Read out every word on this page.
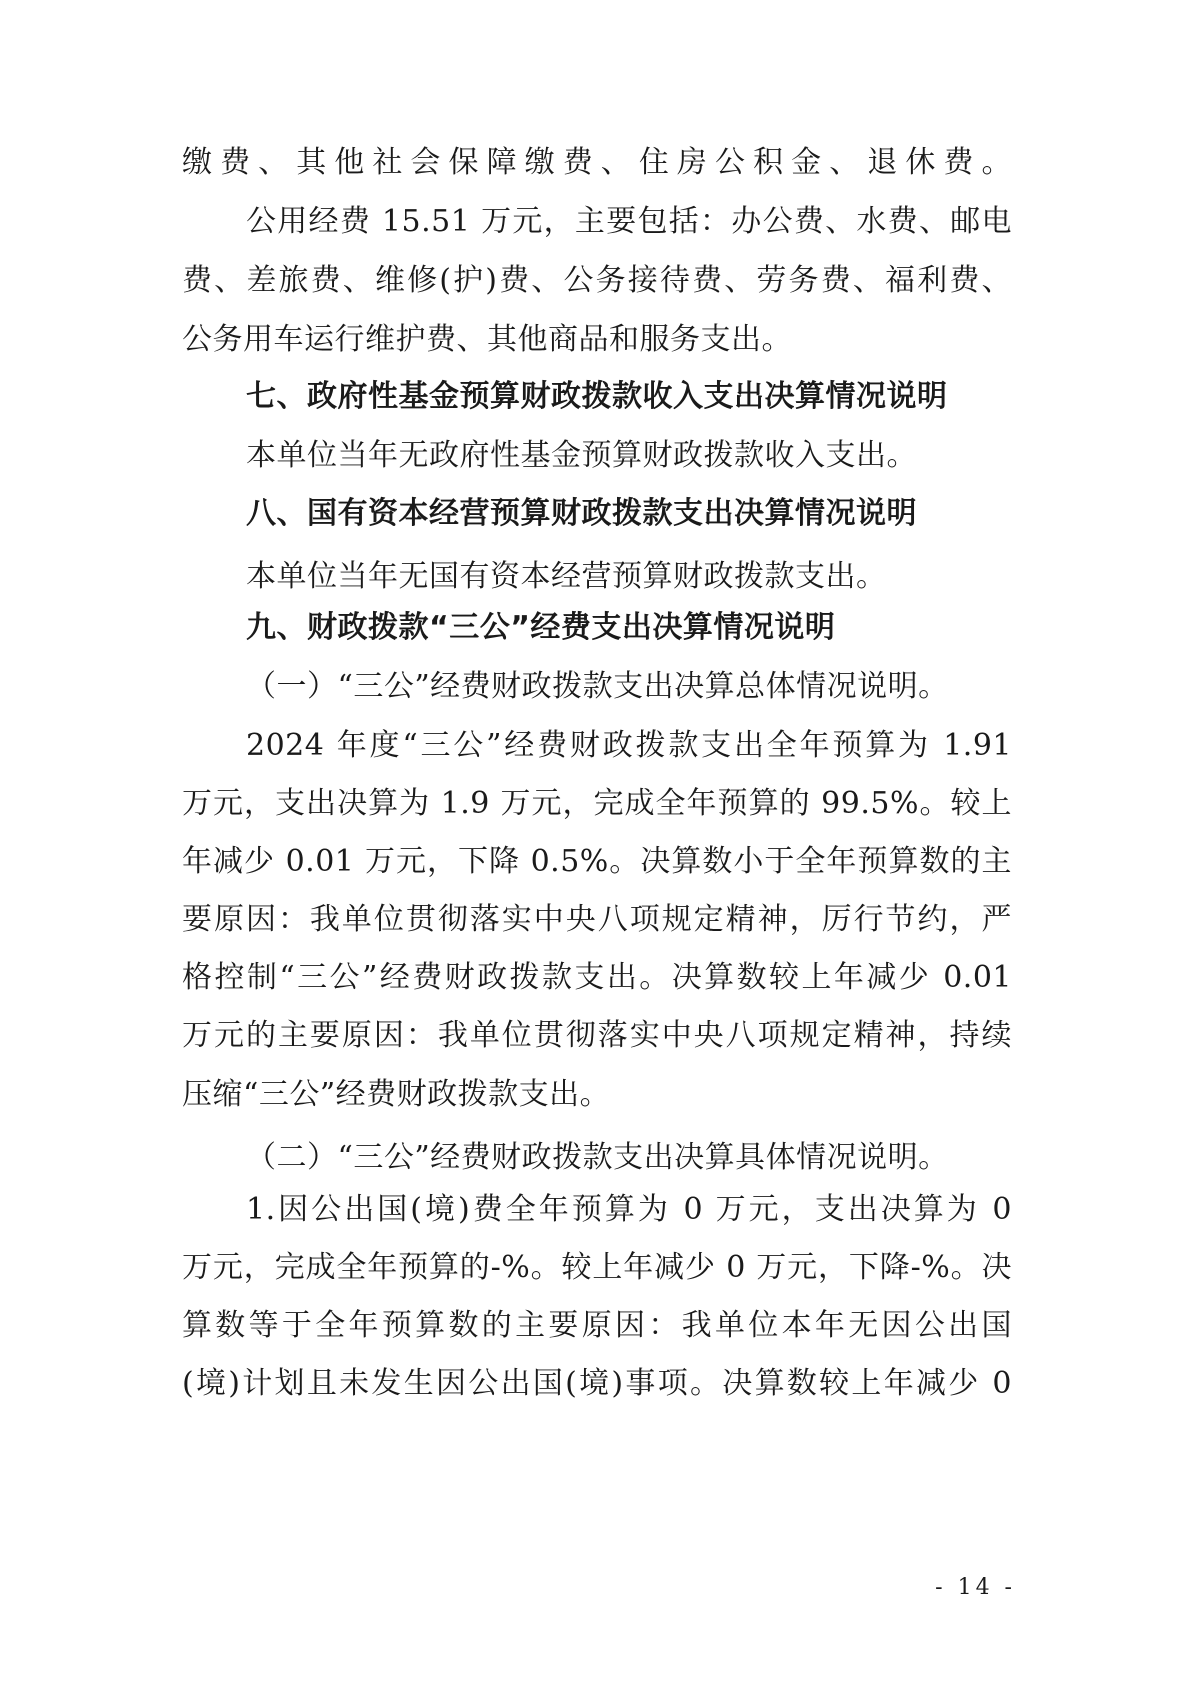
缴费、其他社会保障缴费、住房公积金、退休费。
公用经费 15.51 万元，主要包括：办公费、水费、邮电
费、差旅费、维修(护)费、公务接待费、劳务费、福利费、
公务用车运行维护费、其他商品和服务支出。
七、政府性基金预算财政拨款收入支出决算情况说明
本单位当年无政府性基金预算财政拨款收入支出。
八、国有资本经营预算财政拨款支出决算情况说明
本单位当年无国有资本经营预算财政拨款支出。
九、财政拨款“三公”经费支出决算情况说明
（一）“三公”经费财政拨款支出决算总体情况说明。
2024 年度“三公”经费财政拨款支出全年预算为 1.91
万元，支出决算为 1.9 万元，完成全年预算的 99.5%。较上
年减少 0.01 万元，下降 0.5%。决算数小于全年预算数的主
要原因：我单位贯彻落实中央八项规定精神，厉行节约，严
格控制“三公”经费财政拨款支出。决算数较上年减少 0.01
万元的主要原因：我单位贯彻落实中央八项规定精神，持续
压缩“三公”经费财政拨款支出。
（二）“三公”经费财政拨款支出决算具体情况说明。
1.因公出国(境)费全年预算为 0 万元，支出决算为 0
万元，完成全年预算的-%。较上年减少 0 万元，下降-%。决
算数等于全年预算数的主要原因：我单位本年无因公出国
(境)计划且未发生因公出国(境)事项。决算数较上年减少 0
- 14 -
